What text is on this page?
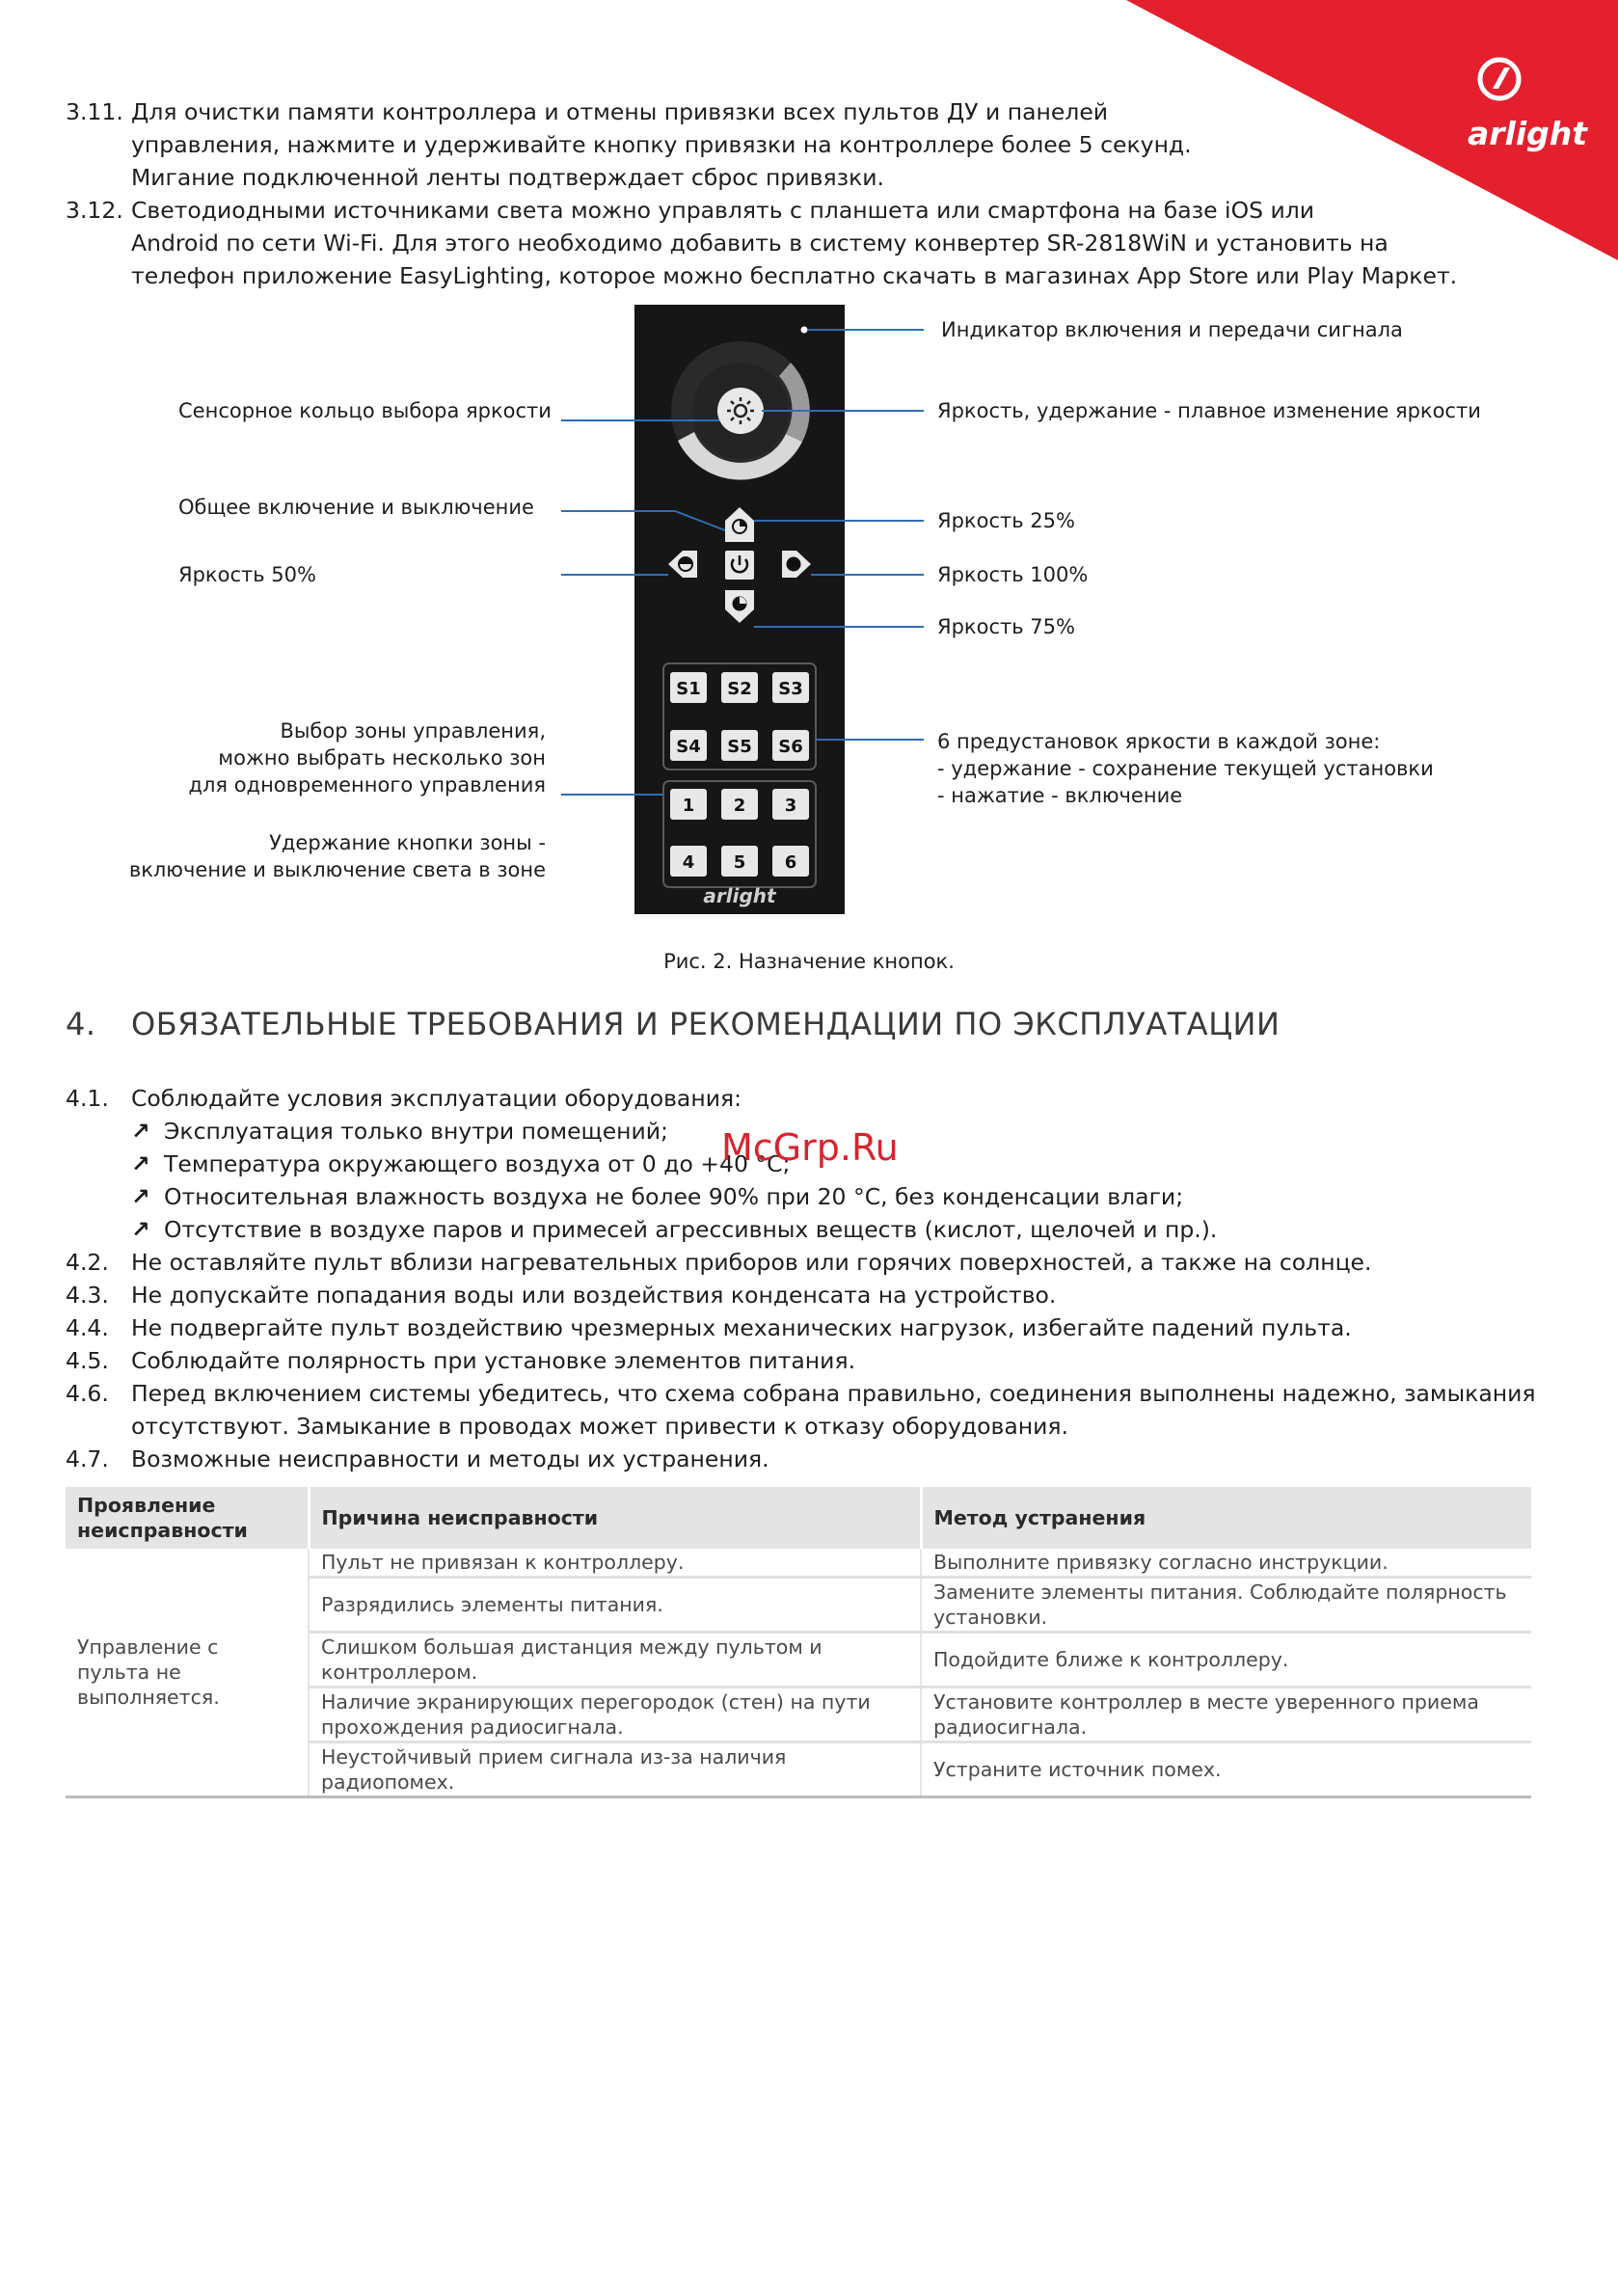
arlight
3.11. Для очистки памяти контроллера и отмены привязки всех пультов ДУ и панелей
управления, нажмите и удерживайте кнопку привязки на контроллере более 5 секунд.
Мигание подключенной ленты подтверждает сброс привязки.
3.12. Светодиодными источниками света можно управлять с планшета или смартфона на базе iOS или
Android по сети Wi-Fi. Для этого необходимо добавить в систему конвертер SR-2818WiN и установить на
телефон приложение EasyLighting, которое можно бесплатно скачать в магазинах App Store или Play Маркет.
S1 S2 S3
S4 S5 S6
1 2 3
4 5 6
arlight
Сенсорное кольцо выбора яркости
Общее включение и выключение
Яркость 50%
Выбор зоны управления,
можно выбрать несколько зон
для одновременного управления
Удержание кнопки зоны -
включение и выключение света в зоне
Индикатор включения и передачи сигнала
Яркость, удержание - плавное изменение яркости
Яркость 25%
Яркость 100%
Яркость 75%
6 предустановок яркости в каждой зоне:
- удержание - сохранение текущей установки
- нажатие - включение
Рис. 2. Назначение кнопок.
4. ОБЯЗАТЕЛЬНЫЕ ТРЕБОВАНИЯ И РЕКОМЕНДАЦИИ ПО ЭКСПЛУАТАЦИИ
4.1. Соблюдайте условия эксплуатации оборудования:
↗ Эксплуатация только внутри помещений;
↗ Температура окружающего воздуха от 0 до +40 °С;
↗ Относительная влажность воздуха не более 90% при 20 °C, без конденсации влаги;
↗ Отсутствие в воздухе паров и примесей агрессивных веществ (кислот, щелочей и пр.).
McGrp.Ru
4.2. Не оставляйте пульт вблизи нагревательных приборов или горячих поверхностей, а также на солнце.
4.3. Не допускайте попадания воды или воздействия конденсата на устройство.
4.4. Не подвергайте пульт воздействию чрезмерных механических нагрузок, избегайте падений пульта.
4.5. Соблюдайте полярность при установке элементов питания.
4.6. Перед включением системы убедитесь, что схема собрана правильно, соединения выполнены надежно, замыкания
отсутствуют. Замыкание в проводах может привести к отказу оборудования.
4.7. Возможные неисправности и методы их устранения.
Проявление неисправности	Причина неисправности	Метод устранения
Управление с пульта не выполняется.	Пульт не привязан к контроллеру.	Выполните привязку согласно инструкции.
	Разрядились элементы питания.	Замените элементы питания. Соблюдайте полярность установки.
	Слишком большая дистанция между пультом и контроллером.	Подойдите ближе к контроллеру.
	Наличие экранирующих перегородок (стен) на пути прохождения радиосигнала.	Установите контроллер в месте уверенного приема радиосигнала.
	Неустойчивый прием сигнала из-за наличия радиопомех.	Устраните источник помех.
